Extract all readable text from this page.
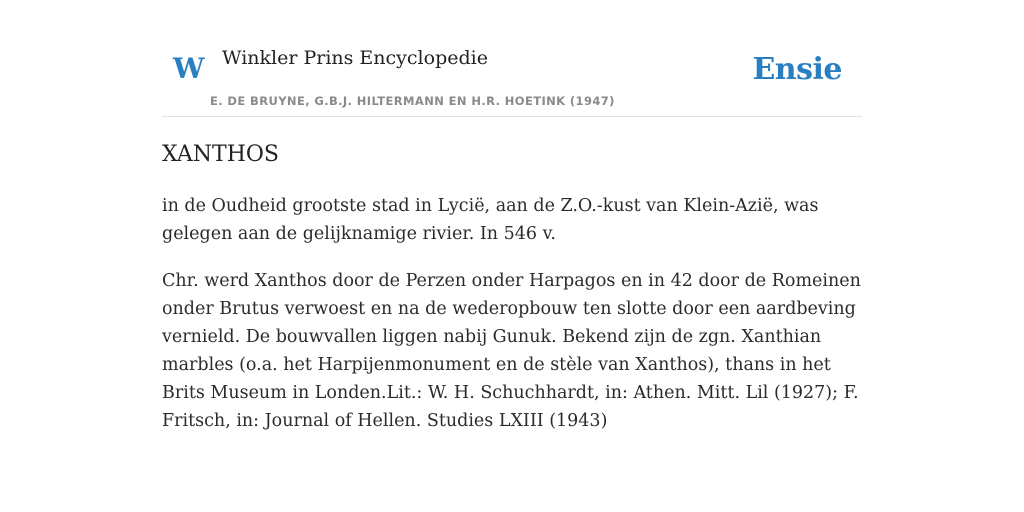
W Winkler Prins Encyclopedie
E. DE BRUYNE, G.B.J. HILTERMANN EN H.R. HOETINK (1947)
Ensie
XANTHOS

in de Oudheid grootste stad in Lycië, aan de Z.O.-kust van Klein-Azië, was gelegen aan de gelijknamige rivier. In 546 v.

Chr. werd Xanthos door de Perzen onder Harpagos en in 42 door de Romeinen onder Brutus verwoest en na de wederopbouw ten slotte door een aardbeving vernield. De bouwvallen liggen nabij Gunuk. Bekend zijn de zgn. Xanthian marbles (o.a. het Harpijenmonument en de stèle van Xanthos), thans in het Brits Museum in Londen.Lit.: W. H. Schuchhardt, in: Athen. Mitt. Lil (1927); F. Fritsch, in: Journal of Hellen. Studies LXIII (1943)
